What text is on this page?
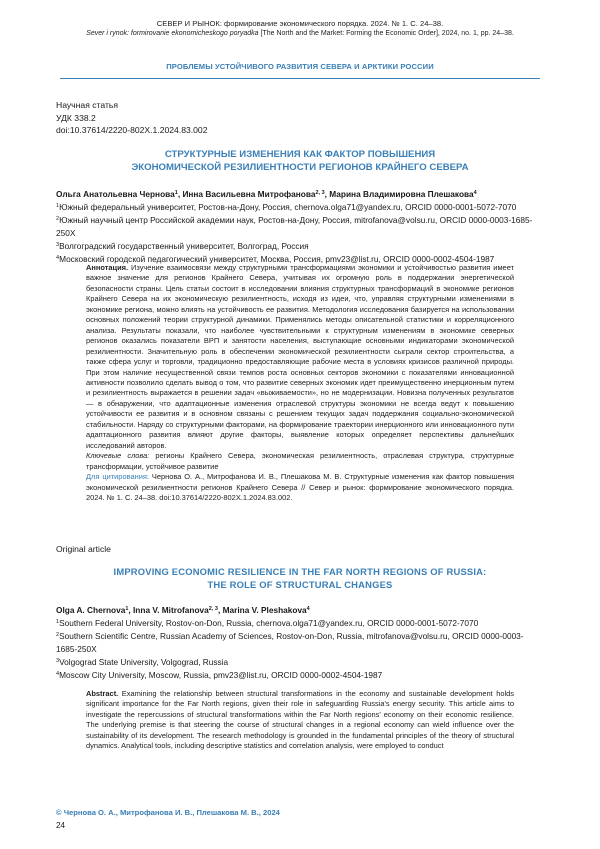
СЕВЕР И РЫНОК: формирование экономического порядка. 2024. № 1. С. 24–38.
Sever i rynok: formirovanie ekonomicheskogo poryadka [The North and the Market: Forming the Economic Order], 2024, no. 1, pp. 24–38.
ПРОБЛЕМЫ УСТОЙЧИВОГО РАЗВИТИЯ СЕВЕРА И АРКТИКИ РОССИИ
Научная статья
УДК 338.2
doi:10.37614/2220-802X.1.2024.83.002
СТРУКТУРНЫЕ ИЗМЕНЕНИЯ КАК ФАКТОР ПОВЫШЕНИЯ
ЭКОНОМИЧЕСКОЙ РЕЗИЛИЕНТНОСТИ РЕГИОНОВ КРАЙНЕГО СЕВЕРА
Ольга Анатольевна Чернова$^1$, Инна Васильевна Митрофанова$^{2, 3}$, Марина Владимировна Плешакова$^4$
$^1$Южный федеральный университет, Ростов-на-Дону, Россия, chernova.olga71@yandex.ru, ORCID 0000-0001-5072-7070
$^2$Южный научный центр Российской академии наук, Ростов-на-Дону, Россия, mitrofanova@volsu.ru, ORCID 0000-0003-1685-250X
$^3$Волгоградский государственный университет, Волгоград, Россия
$^4$Московский городской педагогический университет, Москва, Россия, pmv23@list.ru, ORCID 0000-0002-4504-1987

Аннотация. Изучение взаимосвязи между структурными трансформациями экономики и устойчивостью развития имеет важное значение для регионов Крайнего Севера, учитывая их огромную роль в поддержании энергетической безопасности страны. Цель статьи состоит в исследовании влияния структурных трансформаций в экономике регионов Крайнего Севера на их экономическую резилиентность, исходя из идеи, что, управляя структурными изменениями в экономике региона, можно влиять на устойчивость ее развития. Методология исследования базируется на использовании основных положений теории структурной динамики. Применялись методы описательной статистики и корреляционного анализа. Результаты показали, что наиболее чувствительными к структурным изменениям в экономике северных регионов оказались показатели ВРП и занятости населения, выступающие основными индикаторами экономической резилиентности. Значительную роль в обеспечении экономической резилиентности сыграли сектор строительства, а также сфера услуг и торговли, традиционно предоставляющие рабочие места в условиях кризисов различной природы. При этом наличие несущественной связи темпов роста основных секторов экономики с показателями инновационной активности позволило сделать вывод о том, что развитие северных экономик идет преимущественно инерционным путем и резилиентность выражается в решении задач «выживаемости», но не модернизации. Новизна полученных результатов — в обнаружении, что адаптационные изменения отраслевой структуры экономики не всегда ведут к повышению устойчивости ее развития и в основном связаны с решением текущих задач поддержания социально-экономической стабильности. Наряду со структурными факторами, на формирование траектории инерционного или инновационного пути адаптационного развития влияют другие факторы, выявление которых определяет перспективы дальнейших исследований авторов.

Ключевые слова: регионы Крайнего Севера, экономическая резилиентность, отраслевая структура, структурные трансформации, устойчивое развитие

Для цитирования: Чернова О. А., Митрофанова И. В., Плешакова М. В. Структурные изменения как фактор повышения экономической резилиентности регионов Крайнего Севера // Север и рынок: формирование экономического порядка. 2024. № 1. С. 24–38. doi:10.37614/2220-802X.1.2024.83.002.

Original article
IMPROVING ECONOMIC RESILIENCE IN THE FAR NORTH REGIONS OF RUSSIA:
THE ROLE OF STRUCTURAL CHANGES
Olga A. Chernova$^1$, Inna V. Mitrofanova$^{2, 3}$, Marina V. Pleshakova$^4$
$^1$Southern Federal University, Rostov-on-Don, Russia, chernova.olga71@yandex.ru, ORCID 0000-0001-5072-7070
$^2$Southern Scientific Centre, Russian Academy of Sciences, Rostov-on-Don, Russia, mitrofanova@volsu.ru, ORCID 0000-0003-1685-250X
$^3$Volgograd State University, Volgograd, Russia
$^4$Moscow City University, Moscow, Russia, pmv23@list.ru, ORCID 0000-0002-4504-1987

Abstract. Examining the relationship between structural transformations in the economy and sustainable development holds significant importance for the Far North regions, given their role in safeguarding Russia's energy security. This article aims to investigate the repercussions of structural transformations within the Far North regions' economy on their economic resilience. The underlying premise is that steering the course of structural changes in a regional economy can wield influence over the sustainability of its development. The research methodology is grounded in the fundamental principles of the theory of structural dynamics. Analytical tools, including descriptive statistics and correlation analysis, were employed to conduct

© Чернова О. А., Митрофанова И. В., Плешакова М. В., 2024
24
